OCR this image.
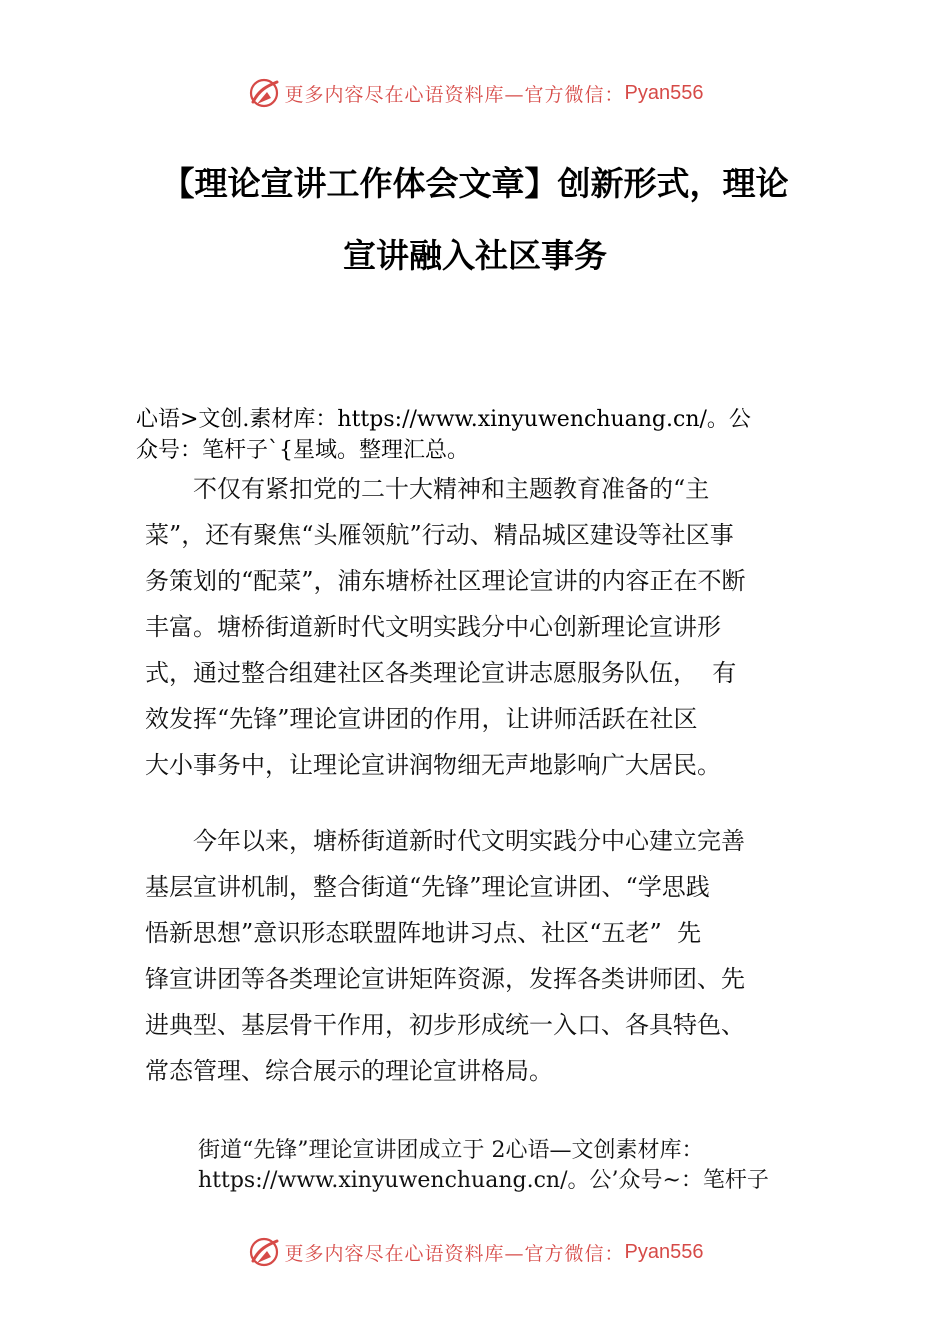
更多内容尽在心语资料库—官方微信： Pyan556
【理论宣讲工作体会文章】创新形式，理论
宣讲融入社区事务
心语>文创.素材库：https://www.xinyuwenchuang.cn/。公
众号：笔杆子`{星域。整理汇总。
　　不仅有紧扣党的二十大精神和主题教育准备的“主
菜”，还有聚焦“头雁领航”行动、精品城区建设等社区事
务策划的“配菜”，浦东塘桥社区理论宣讲的内容正在不断
丰富。塘桥街道新时代文明实践分中心创新理论宣讲形
式，通过整合组建社区各类理论宣讲志愿服务队伍，  有
效发挥“先锋”理论宣讲团的作用，让讲师活跃在社区
大小事务中，让理论宣讲润物细无声地影响广大居民。
　　今年以来，塘桥街道新时代文明实践分中心建立完善
基层宣讲机制，整合街道“先锋”理论宣讲团、“学思践
悟新思想”意识形态联盟阵地讲习点、社区“五老”  先
锋宣讲团等各类理论宣讲矩阵资源，发挥各类讲师团、先
进典型、基层骨干作用，初步形成统一入口、各具特色、
常态管理、综合展示的理论宣讲格局。
街道“先锋”理论宣讲团成立于 2心语—文创素材库：
https://www.xinyuwenchuang.cn/。公’众号~：笔杆子
更多内容尽在心语资料库—官方微信： Pyan556
